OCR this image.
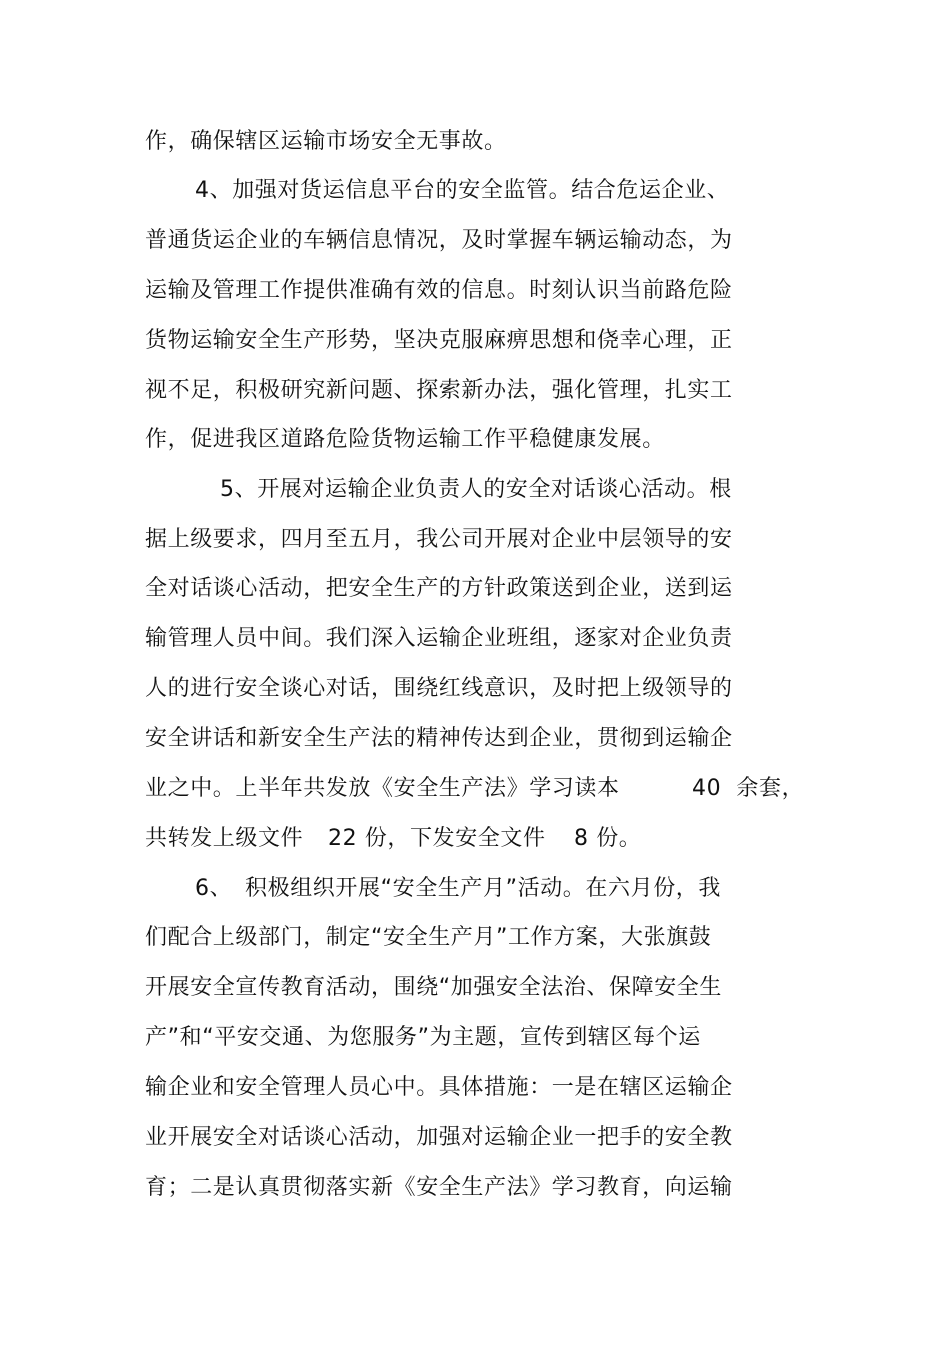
作，确保辖区运输市场安全无事故。
4、加强对货运信息平台的安全监管。结合危运企业、
普通货运企业的车辆信息情况，及时掌握车辆运输动态，为
运输及管理工作提供准确有效的信息。时刻认识当前路危险
货物运输安全生产形势，坚决克服麻痹思想和侥幸心理，正
视不足，积极研究新问题、探索新办法，强化管理，扎实工
作，促进我区道路危险货物运输工作平稳健康发展。
5、开展对运输企业负责人的安全对话谈心活动。根
据上级要求，四月至五月，我公司开展对企业中层领导的安
全对话谈心活动，把安全生产的方针政策送到企业，送到运
输管理人员中间。我们深入运输企业班组，逐家对企业负责
人的进行安全谈心对话，围绕红线意识，及时把上级领导的
安全讲话和新安全生产法的精神传达到企业，贯彻到运输企
业之中。上半年共发放《安全生产法》学习读本	40  余套，
共转发上级文件 22 份，下发安全文件 8 份。
6、 积极组织开展“安全生产月”活动。在六月份，我
们配合上级部门，制定“安全生产月”工作方案，大张旗鼓
开展安全宣传教育活动，围绕“加强安全法治、保障安全生
产”和“平安交通、为您服务”为主题，宣传到辖区每个运
输企业和安全管理人员心中。具体措施：一是在辖区运输企
业开展安全对话谈心活动，加强对运输企业一把手的安全教
育；二是认真贯彻落实新《安全生产法》学习教育，向运输
